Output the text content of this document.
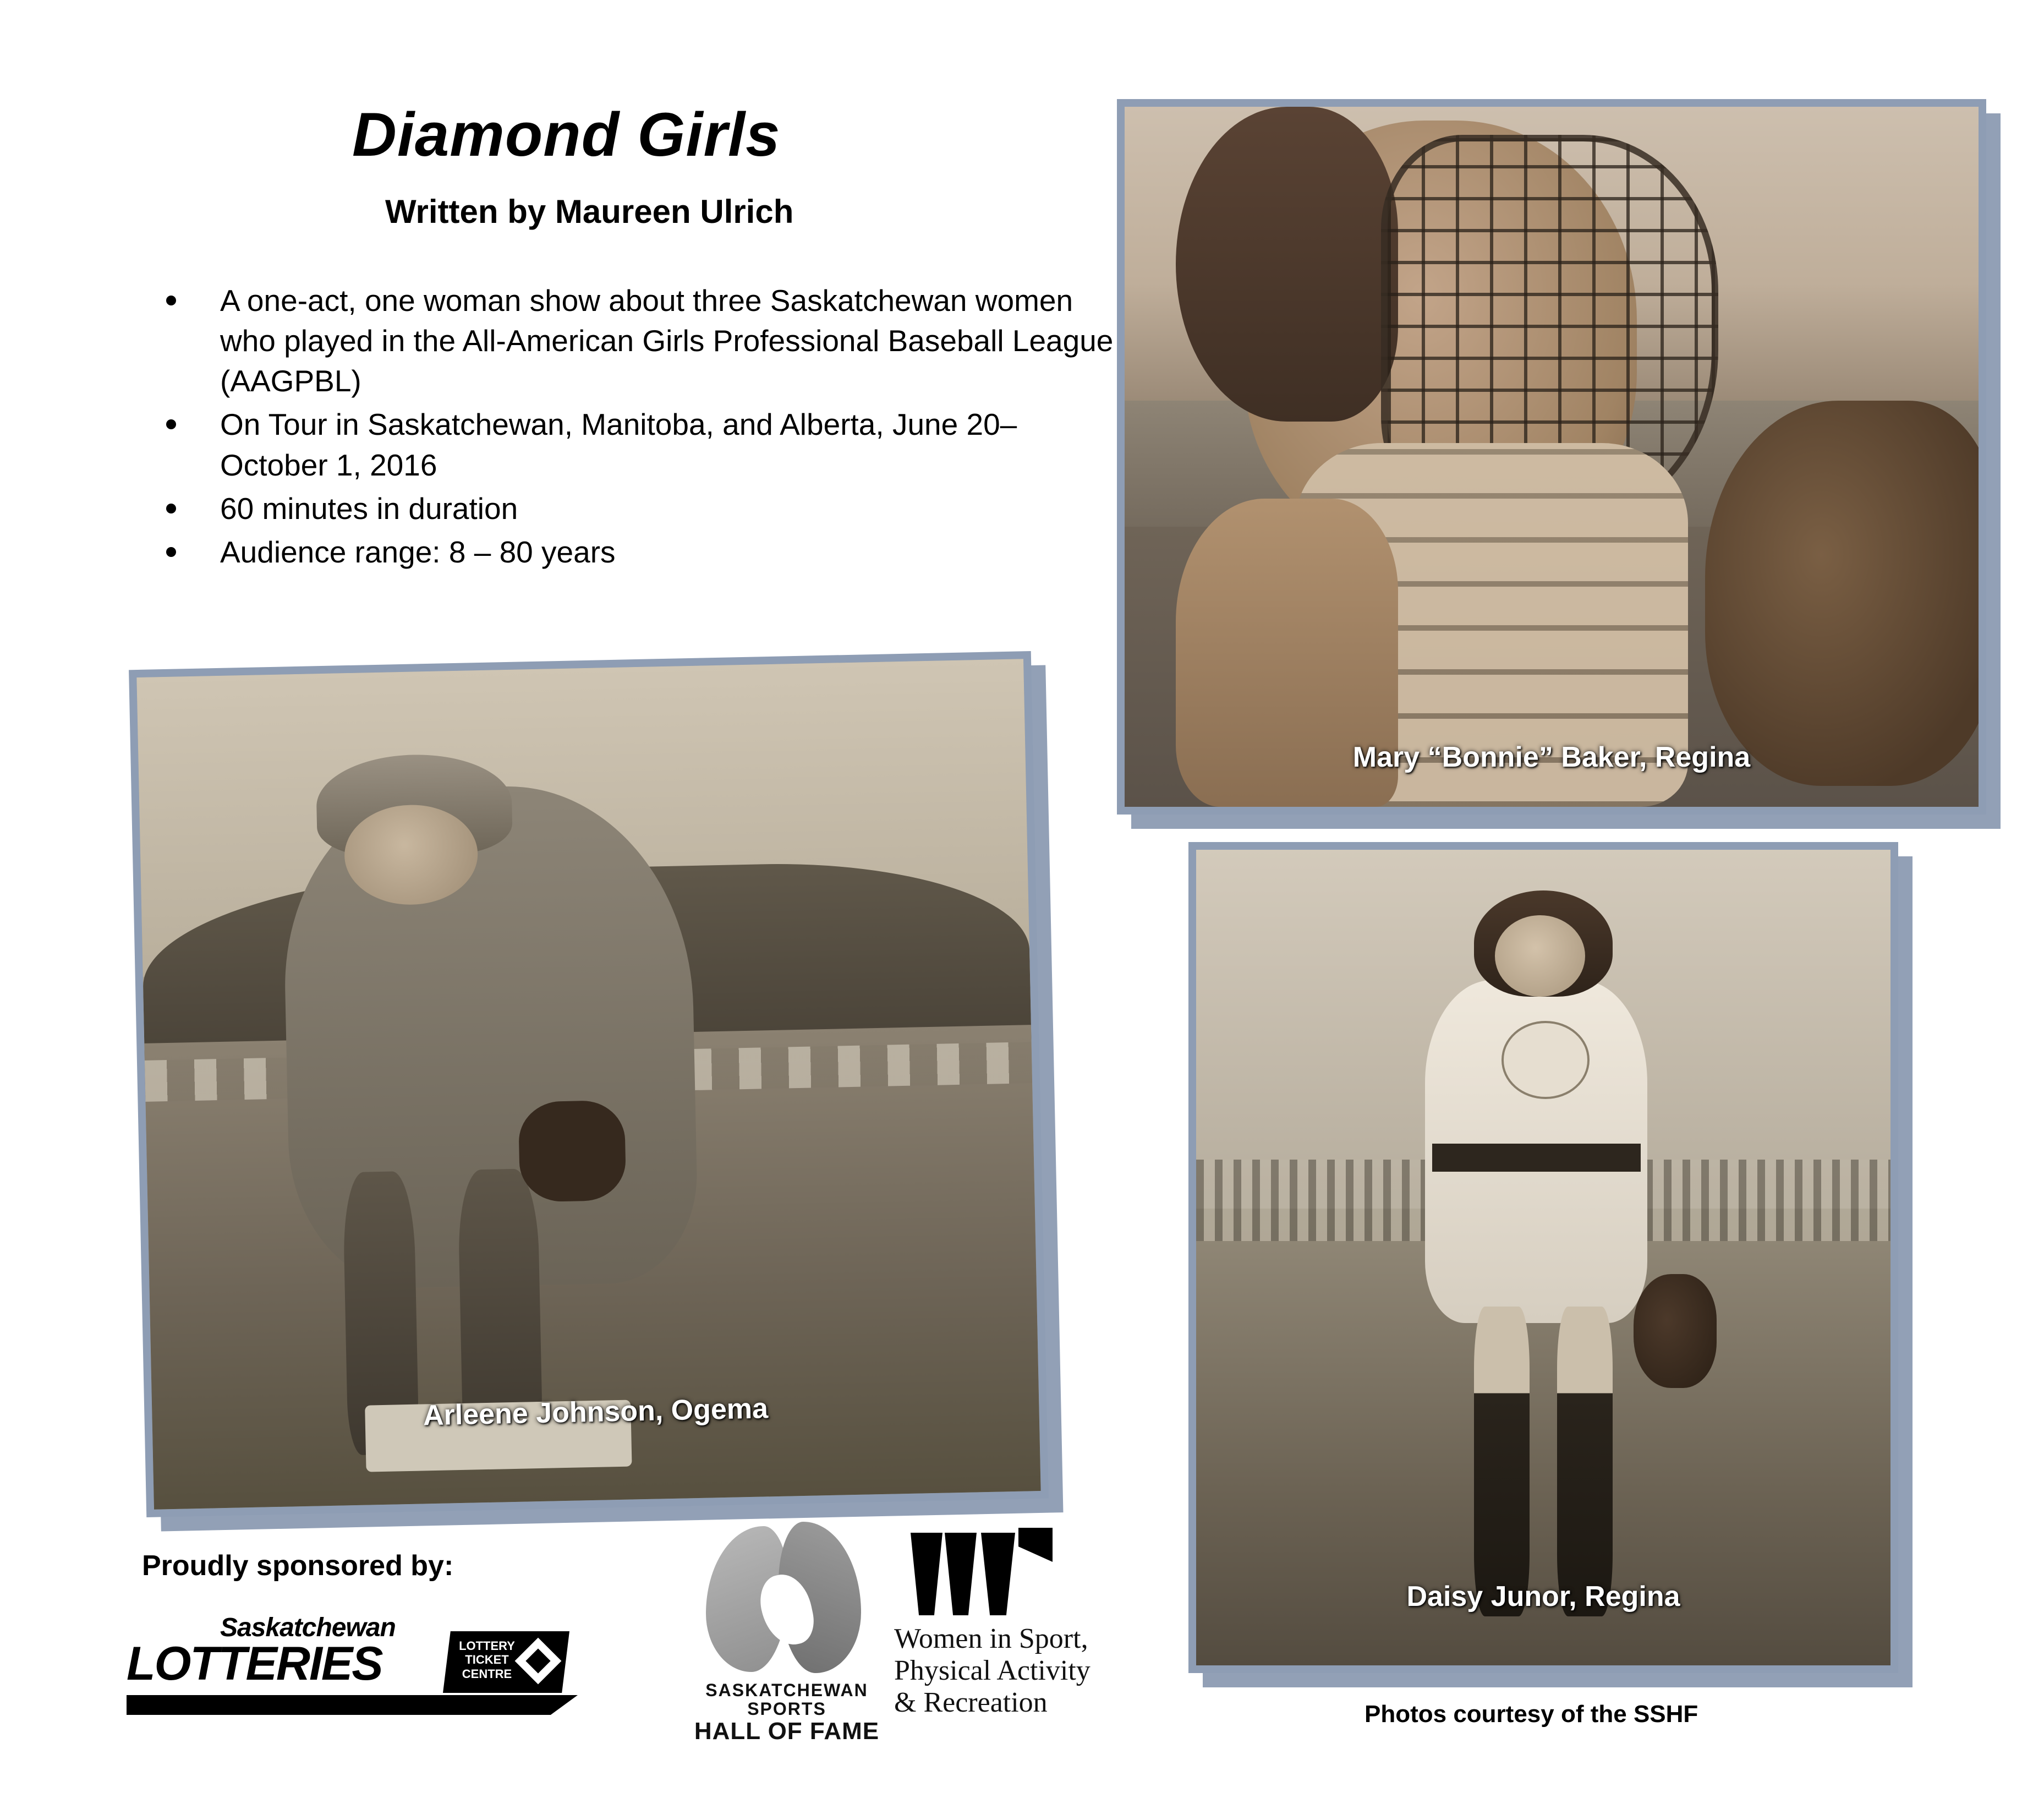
Diamond Girls
Written by Maureen Ulrich
A one-act, one woman show about three Saskatchewan women who played in the All-American Girls Professional Baseball League (AAGPBL)
On Tour in Saskatchewan, Manitoba, and Alberta, June 20– October 1, 2016
60 minutes in duration
Audience range: 8 – 80 years
Mary “Bonnie” Baker, Regina
Arleene Johnson, Ogema
Daisy Junor, Regina
Proudly sponsored by:
Saskatchewan
LOTTERIES	LOTTERY TICKET CENTRE
SASKATCHEWAN
SPORTS
HALL OF FAME
Women in Sport,
Physical Activity
& Recreation	Photos courtesy of the SSHF
